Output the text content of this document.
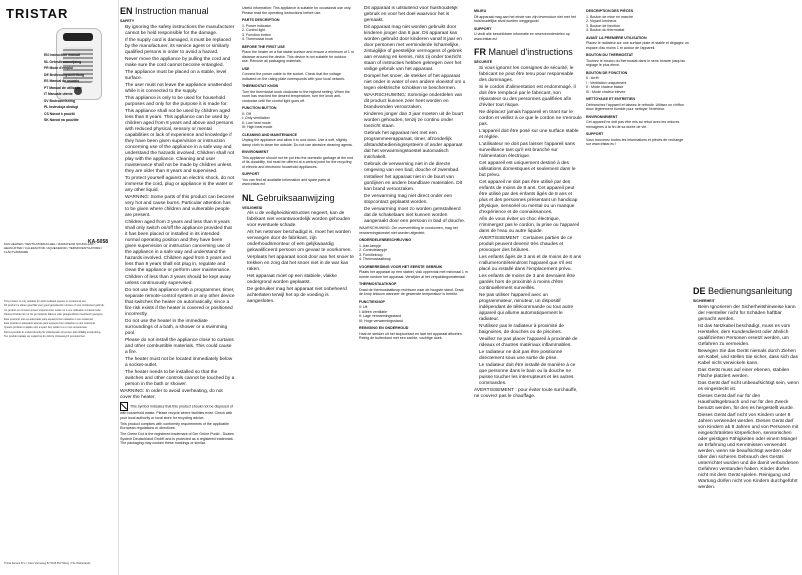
TRISTAR
EN Instruction manual
NL Gebruiksaanwijzing
FR Mode d'emploi
DE Bedienungsanleitung
ES Manual de usuario
PT Manual de utilizador
IT Manuale utente
SV Bruksanvisning
PL Instrukcja obsługi
CS Návod k použití
SK Návod na použitie
KA-5058
FAN HEATER / VENTILATORKACHEL / RADIATEUR SOUFFLANT / HEIZLÜFTER / CALEFACTOR / AQUECEDOR / TERMOVENTILATORE / FLÄKTVÄRMARE
This product is only suitable for well insulated spaces or occasional use.
Dit product is alleen geschikt voor goed geïsoleerde ruimtes of voor incidenteel gebruik.
Ce produit ne convient qu'aux espaces bien isolés ou à une utilisation occasionnelle.
Dieses Produkt ist nur für gut isolierte Räume oder gelegentlichen Gebrauch geeignet.
Este producto solo es adecuado para espacios bien aislados o uso ocasional.
Este produto é adequado apenas para espaços bem isolados ou uso ocasional.
Questo prodotto è adatto solo a spazi ben isolati o a un uso occasionale.
Denna produkt är endast lämplig för välisolerade utrymmen eller tillfällig användning.
Ten produkt nadaje się wyłącznie do dobrze izolowanych pomieszczeń.
Tristar Europe B.V. | Jules Verneweg 87 5015 BH Tilburg | The Netherlands
EN Instruction manual
SAFETY
• By ignoring the safety instructions the manufacturer cannot be held responsible for the damage.
• If the supply cord is damaged, it must be replaced by the manufacturer, its service agent or similarly qualified persons in order to avoid a hazard.
• Never move the appliance by pulling the cord and make sure the cord cannot become entangled.
• The appliance must be placed on a stable, level surface.
• The user must not leave the appliance unattended while it is connected to the supply.
• This appliance is only to be used for household purposes and only for the purpose it is made for.
• This appliance shall not be used by children aged less than 8 years. This appliance can be used by children aged from 8 years and above and persons with reduced physical, sensory or mental capabilities or lack of experience and knowledge if they have been given supervision or instruction concerning use of the appliance in a safe way and understand the hazards involved. Children shall not play with the appliance. Cleaning and user maintenance shall not be made by children unless they are older than 8 years and supervised.
• To protect yourself against an electric shock, do not immerse the cord, plug or appliance in the water or any other liquid.
• WARNING: Some parts of this product can become very hot and cause burns. Particular attention has to be given where children and vulnerable people are present.
• Children aged from 3 years and less than 8 years shall only switch on/off the appliance provided that it has been placed or installed in its intended normal operating position and they have been given supervision or instruction concerning use of the appliance in a safe way and understand the hazards involved. Children aged from 3 years and less than 8 years shall not plug in, regulate and clean the appliance or perform user maintenance.
• Children of less than 3 years should be kept away unless continuously supervised.
• Do not use this appliance with a programmer, timer, separate remote-control system or any other device that switches the heater on automatically, since a fire risk exists if the heater is covered or positioned incorrectly.
• Do not use the heater in the immediate surroundings of a bath, a shower or a swimming pool.
• Please do not install the appliance close to curtains and other combustible materials. This could cause a fire.
• The heater must not be located immediately below a socket-outlet.
• The heater needs to be installed so that the switches and other controls cannot be touched by a person in the bath or shower.

WARNING: In order to avoid overheating, do not cover the heater.

This symbol indicates that this product should not be disposed of with household waste. Please recycle where facilities exist. Check with your local authority or local store for recycling advice.

This product complies with conformity requirements of the applicable European regulations or directives.

The Green Dot is the registered trademark of Der Grüne Punkt - Duales System Deutschland GmbH and is protected as a registered trademark. The packaging may contain these markings or similar.

Useful information: This appliance is suitable for occasional use only. Please read the operating instructions before use.

PARTS DESCRIPTION
1. Power indicator
2. Control light
3. Function button
4. Thermostat knob
BEFORE THE FIRST USE

Place the heater on a flat stable surface and ensure a minimum of 1 m distance around the device. This device is not suitable for outdoor use. Remove all packaging materials.

USE

Connect the power cable to the socket. Check that the voltage indicated on the rating plate corresponds with your local network.

THERMOSTAT KNOB

Turn the thermostat knob clockwise to the highest setting. When the room has reached the desired temperature, turn the knob anti-clockwise until the control light goes off.

FUNCTION BUTTON
0: Off
I: Only ventilation
II: Low heat mode
III: High heat mode
CLEANING AND MAINTENANCE

Unplug the appliance and allow it to cool down. Use a soft, slightly damp cloth to clean the outside. Do not use abrasive cleaning agents.

ENVIRONMENT

This appliance should not be put into the domestic garbage at the end of its durability, but must be offered at a central point for the recycling of electric and electronic household appliances.

SUPPORT

You can find all available information and spare parts at www.tristar.eu!

NL Gebruiksaanwijzing
VEILIGHEID
• Als u de veiligheidsinstructies negeert, kan de fabrikant niet verantwoordelijk worden gehouden voor eventuele schade.
• Als het netsnoer beschadigd is, moet het worden vervangen door de fabrikant, zijn onderhoudsmonteur of een gelijkwaardig gekwalificeerd persoon om gevaar te voorkomen.
• Verplaats het apparaat nooit door aan het snoer te trekken en zorg dat het snoer niet in de war kan raken.
• Het apparaat moet op een stabiele, vlakke ondergrond worden geplaatst.
• De gebruiker mag het apparaat niet onbeheerd achterlaten terwijl het op de voeding is aangesloten.
• Dit apparaat is uitsluitend voor huishoudelijk gebruik en voor het doel waarvoor het is gemaakt.
• Dit apparaat mag niet worden gebruikt door kinderen jonger dan 8 jaar. Dit apparaat kan worden gebruikt door kinderen vanaf 8 jaar en door personen met verminderde lichamelijke, zintuiglijke of geestelijke vermogens of gebrek aan ervaring en kennis, mits zij onder toezicht staan of instructies hebben gekregen over het veilige gebruik van het apparaat.
• Dompel het snoer, de stekker of het apparaat niet onder in water of een andere vloeistof om u tegen elektrische schokken te beschermen.
• WAARSCHUWING: Sommige onderdelen van dit product kunnen zeer heet worden en brandwonden veroorzaken.
• Kinderen jonger dan 3 jaar moeten uit de buurt worden gehouden, tenzij ze continu onder toezicht staan.
• Gebruik het apparaat niet met een programmeerapparaat, timer, afzonderlijk afstandsbedieningssysteem of ander apparaat dat het verwarmingstoestel automatisch inschakelt.
• Gebruik de verwarming niet in de directe omgeving van een bad, douche of zwembad.
• Installeer het apparaat niet in de buurt van gordijnen en andere brandbare materialen. Dit kan brand veroorzaken.
• De verwarming mag niet direct onder een stopcontact geplaatst worden.
• De verwarming moet zo worden geïnstalleerd dat de schakelaars niet kunnen worden aangeraakt door een persoon in bad of douche.

WAARSCHUWING: Om oververhitting te voorkomen, mag het verwarmingstoestel niet worden afgedekt.

ONDERDELENBESCHRIJVING
1. Aan-lampje
2. Controlelampje
3. Functieknop
4. Thermostaatknop
VOORBEREIDING VOOR HET EERSTE GEBRUIK

Plaats het apparaat op een stabiel, vlak oppervlak met minimaal 1 m ruimte rondom het apparaat. Verwijder al het verpakkingsmateriaal.

THERMOSTAATKNOP

Draai de thermostaatknop rechtsom naar de hoogste stand. Draai de knop linksom wanneer de gewenste temperatuur is bereikt.

FUNCTIEKNOP
0: Uit
I: Alleen ventilatie
II: Lage verwarmingsstand
III: Hoge verwarmingsstand
REINIGING EN ONDERHOUD

Haal de stekker uit het stopcontact en laat het apparaat afkoelen. Reinig de buitenkant met een zachte, vochtige doek.

MILIEU

Dit apparaat mag aan het einde van zijn levensduur niet met het huishoudelijke afval worden weggegooid.

SUPPORT

U vindt alle beschikbare informatie en reserveonderdelen op www.tristar.eu!

FR Manuel d'instructions
SÉCURITÉ
• Si vous ignorez les consignes de sécurité, le fabricant ne peut être tenu pour responsable des dommages.
• Si le cordon d'alimentation est endommagé, il doit être remplacé par le fabricant, son réparateur ou des personnes qualifiées afin d'éviter tout risque.
• Ne déplacez jamais l'appareil en tirant sur le cordon et veillez à ce que le cordon ne s'enroule pas.
• L'appareil doit être posé sur une surface stable et réglée.
• L'utilisateur ne doit pas laisser l'appareil sans surveillance tant qu'il est branché sur l'alimentation électrique.
• Cet appareil est uniquement destiné à des utilisations domestiques et seulement dans le but prévu.
• Cet appareil ne doit pas être utilisé par des enfants de moins de 8 ans. Cet appareil peut être utilisé par des enfants âgés de 8 ans et plus et des personnes présentant un handicap physique, sensoriel ou mental ou un manque d'expérience et de connaissances.
• Afin de vous éviter un choc électrique, n'immergez pas le cordon, la prise ou l'appareil dans de l'eau ou autre liquide.
• AVERTISSEMENT : Certaines parties de ce produit peuvent devenir très chaudes et provoquer des brûlures.
• Les enfants âgés de 3 ans et de moins de 8 ans n'allumeront/éteindront l'appareil que s'il est placé ou installé dans l'emplacement prévu.
• Les enfants de moins de 3 ans devraient être gardés hors de proximité à moins d'être continuellement surveillés.
• Ne pas utiliser l'appareil avec un programmateur, minuteur, un dispositif indépendant de télécommande ou tout autre appareil qui allume automatiquement le radiateur.
• N'utilisez pas le radiateur à proximité de baignoires, de douches ou de piscines.
• Veuillez ne pas placer l'appareil à proximité de rideaux et d'autres matériaux inflammables.
• Le radiateur ne doit pas être positionné directement sous une sortie de prise.
• Le radiateur doit être installé de manière à ce que personne dans le bain ou la douche ne puisse toucher les interrupteurs et les autres commandes.

AVERTISSEMENT : pour éviter toute surchauffe, ne couvrez pas le chauffage.

DESCRIPTION DES PIÈCES
1. Bouton de mise en marche
2. Voyant lumineux
3. Bouton de fonction
4. Bouton du thermostat
AVANT LA PREMIÈRE UTILISATION

Placez le radiateur sur une surface plate et stable et dégagez un espace d'au moins 1 m autour de l'appareil.

BOUTON DU THERMOSTAT

Tournez le bouton du thermostat dans le sens horaire jusqu'au réglage le plus élevé.

BOUTON DE FONCTION
0 : Arrêt
I : Ventilation uniquement
II : Mode chaleur basse
III : Mode chaleur élevée
NETTOYAGE ET ENTRETIEN

Débranchez l'appareil et laissez-le refroidir. Utilisez un chiffon doux légèrement humide pour nettoyer l'extérieur.

ENVIRONNEMENT

Cet appareil ne doit pas être mis au rebut avec les ordures ménagères à la fin de sa durée de vie.

SUPPORT

Vous trouverez toutes les informations et pièces de rechange sur www.tristar.eu !

DE Bedienungsanleitung
SICHERHEIT
• Beim Ignorieren der Sicherheitshinweise kann der Hersteller nicht für Schäden haftbar gemacht werden.
• Ist das Netzkabel beschädigt, muss es vom Hersteller, dem Kundendienst oder ähnlich qualifizierten Personen ersetzt werden, um Gefahren zu vermeiden.
• Bewegen Sie das Gerät niemals durch Ziehen am Kabel, und stellen Sie sicher, dass sich das Kabel nicht verwickeln kann.
• Das Gerät muss auf einer ebenen, stabilen Fläche platziert werden.
• Das Gerät darf nicht unbeaufsichtigt sein, wenn es eingesteckt ist.
• Dieses Gerät darf nur für den Haushaltsgebrauch und nur für den Zweck benutzt werden, für den es hergestellt wurde.
• Dieses Gerät darf nicht von Kindern unter 8 Jahren verwendet werden. Dieses Gerät darf von Kindern ab 8 Jahren und von Personen mit eingeschränkten körperlichen, sensorischen oder geistigen Fähigkeiten oder einem Mangel an Erfahrung und Kenntnissen verwendet werden, wenn sie beaufsichtigt werden oder über den sicheren Gebrauch des Geräts unterrichtet wurden und die damit verbundenen Gefahren verstanden haben. Kinder dürfen nicht mit dem Gerät spielen. Reinigung und Wartung dürfen nicht von Kindern durchgeführt werden.
